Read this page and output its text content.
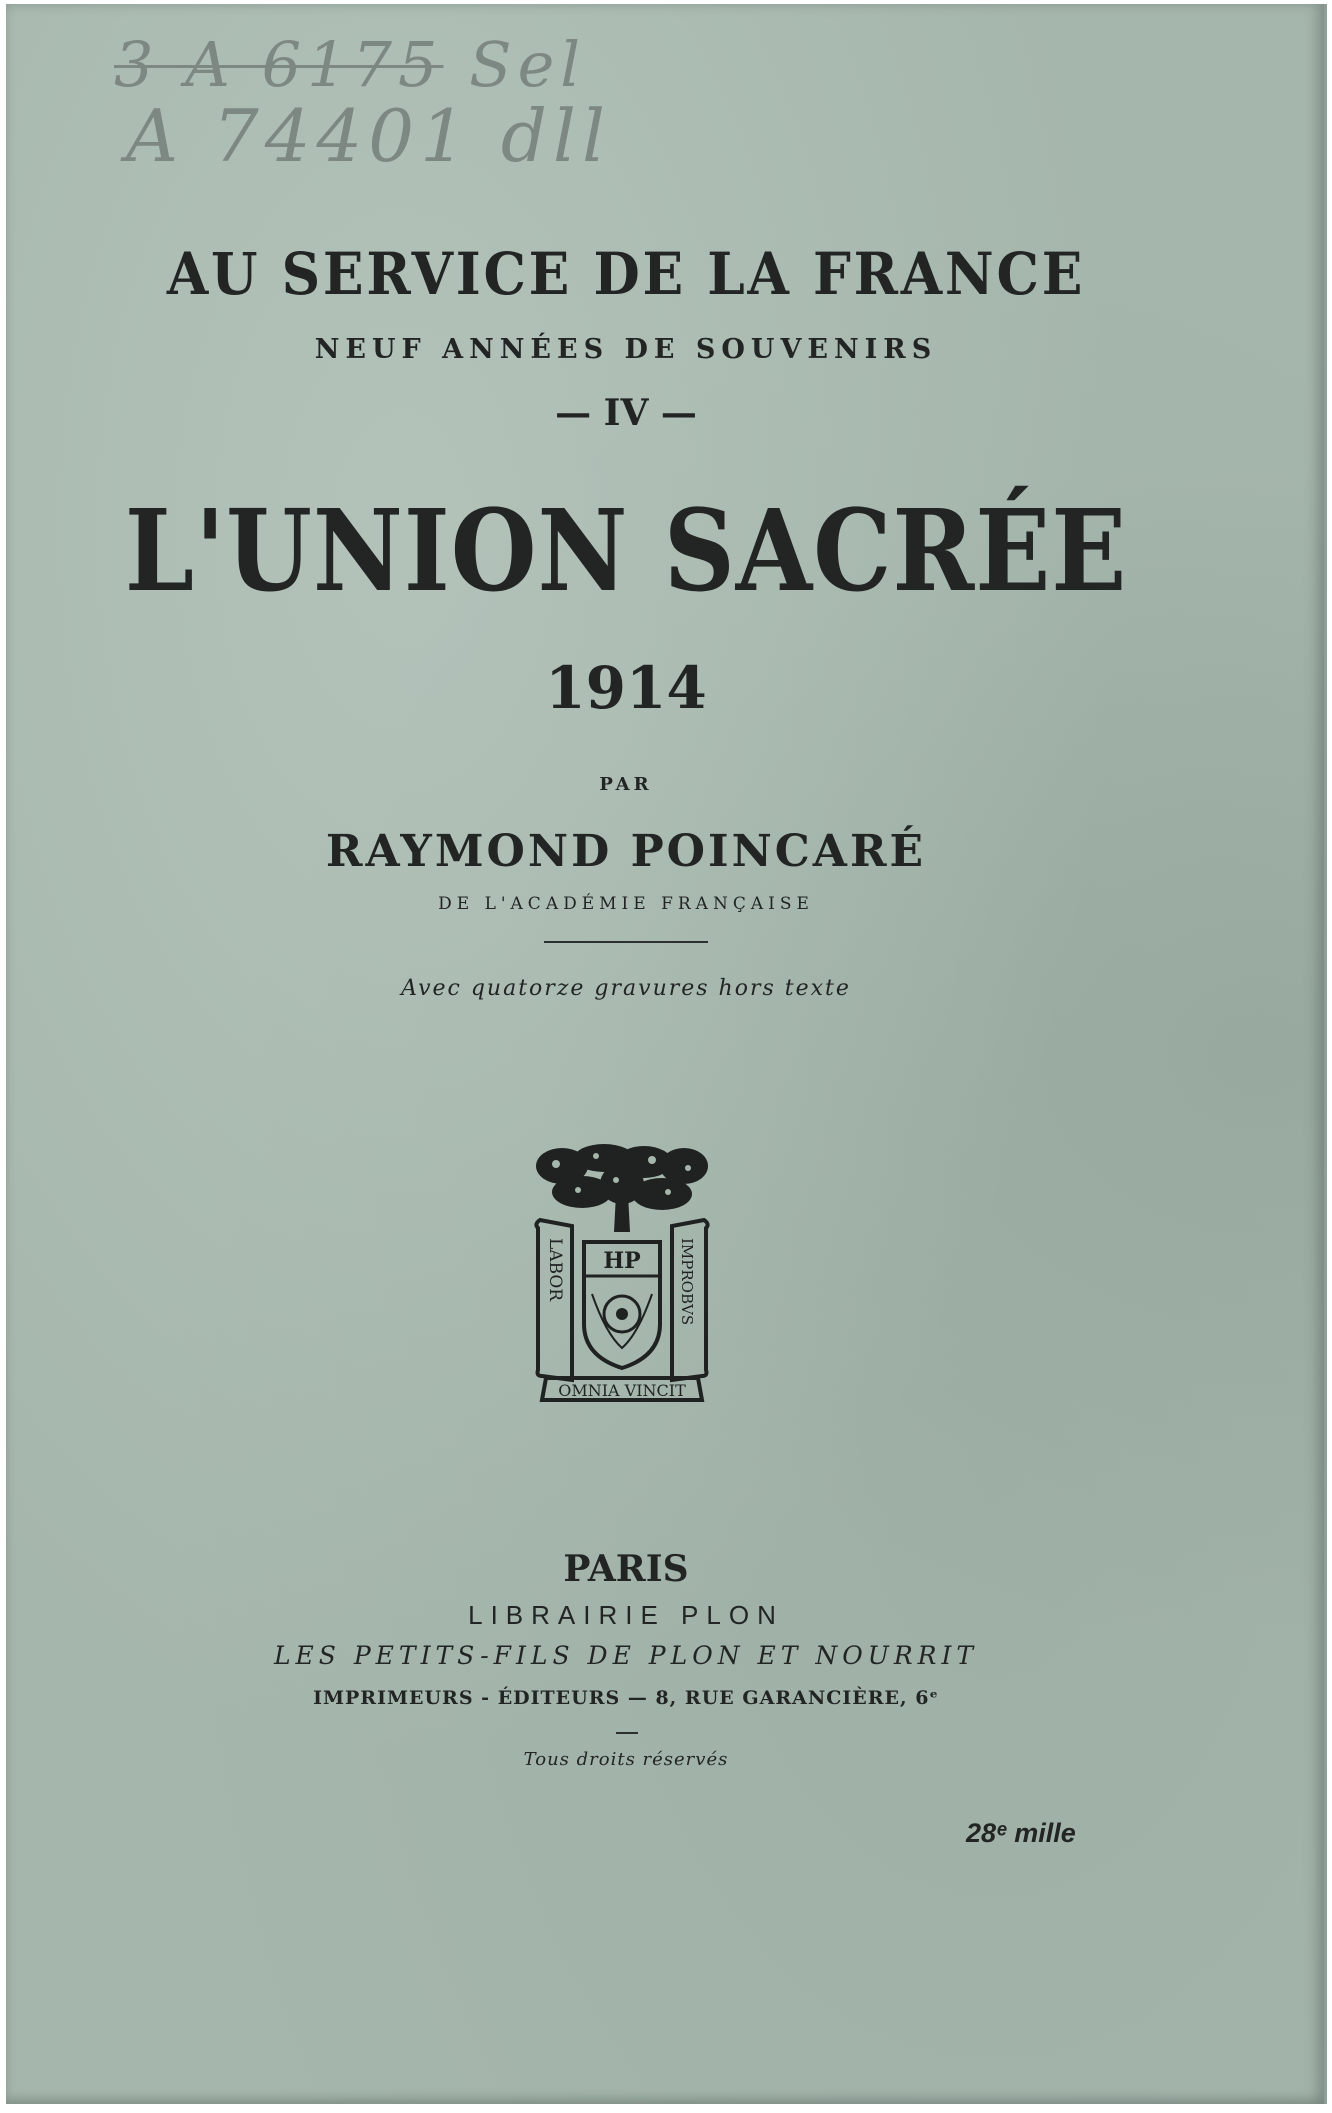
3 A 6175 Sel
A 74401 dll
AU SERVICE DE LA FRANCE
NEUF ANNÉES DE SOUVENIRS
— IV —
L'UNION SACRÉE
1914
PAR
RAYMOND POINCARÉ
DE L'ACADÉMIE FRANÇAISE
Avec quatorze gravures hors texte
LABOR	IMPROBVS
HP
OMNIA VINCIT
PARIS
LIBRAIRIE PLON
LES PETITS-FILS DE PLON ET NOURRIT
IMPRIMEURS - ÉDITEURS — 8, RUE GARANCIÈRE, 6ᵉ
Tous droits réservés
28ᵉ mille
